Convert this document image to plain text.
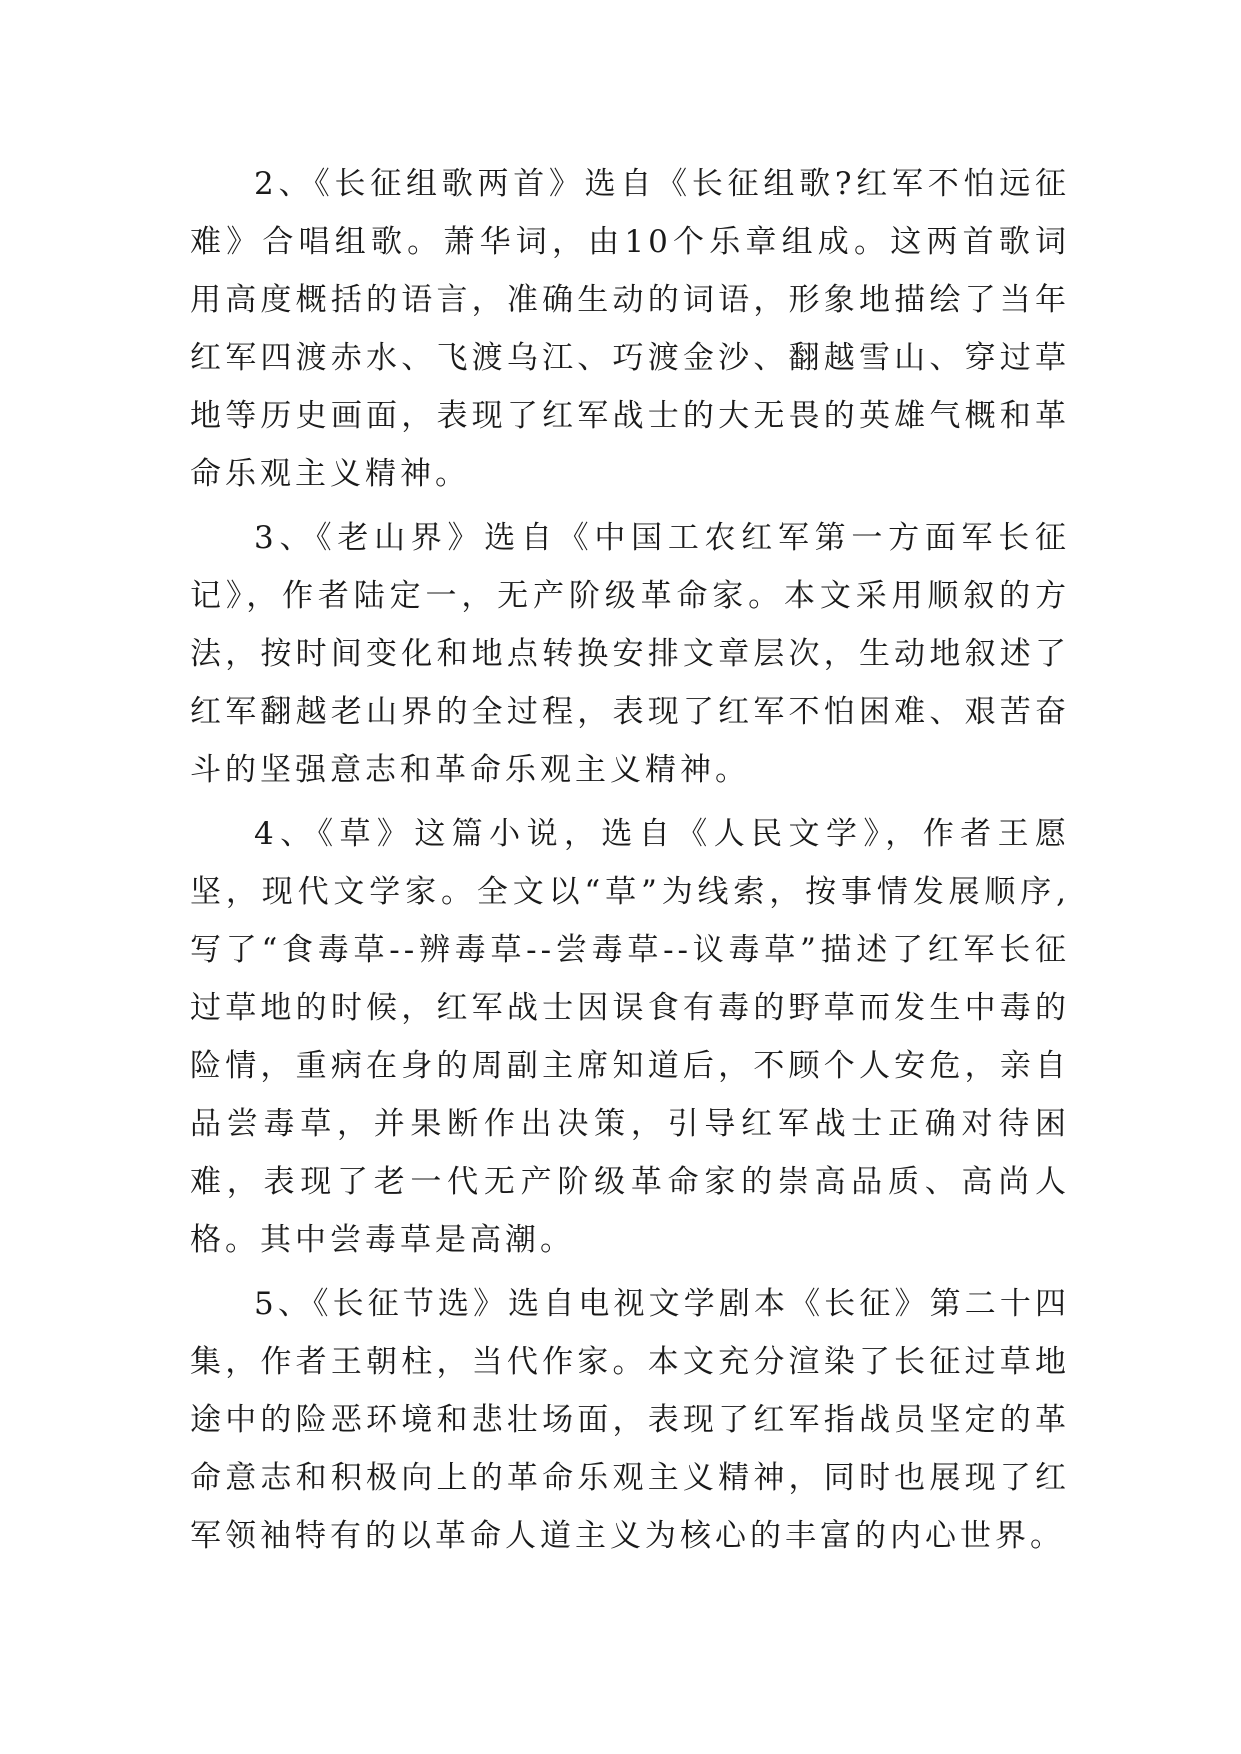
2、《长征组歌两首》选自《长征组歌?红军不怕远征难》合唱组歌。萧华词，由10个乐章组成。这两首歌词用高度概括的语言，准确生动的词语，形象地描绘了当年红军四渡赤水、飞渡乌江、巧渡金沙、翻越雪山、穿过草地等历史画面，表现了红军战士的大无畏的英雄气概和革命乐观主义精神。

3、《老山界》选自《中国工农红军第一方面军长征记》，作者陆定一，无产阶级革命家。本文采用顺叙的方法，按时间变化和地点转换安排文章层次，生动地叙述了红军翻越老山界的全过程，表现了红军不怕困难、艰苦奋斗的坚强意志和革命乐观主义精神。

4、《草》这篇小说，选自《人民文学》，作者王愿坚，现代文学家。全文以“草”为线索，按事情发展顺序,写了“食毒草--辨毒草--尝毒草--议毒草”描述了红军长征过草地的时候，红军战士因误食有毒的野草而发生中毒的险情，重病在身的周副主席知道后，不顾个人安危，亲自品尝毒草，并果断作出决策，引导红军战士正确对待困难，表现了老一代无产阶级革命家的崇高品质、高尚人格。其中尝毒草是高潮。

5、《长征节选》选自电视文学剧本《长征》第二十四集，作者王朝柱，当代作家。本文充分渲染了长征过草地途中的险恶环境和悲壮场面，表现了红军指战员坚定的革命意志和积极向上的革命乐观主义精神，同时也展现了红军领袖特有的以革命人道主义为核心的丰富的内心世界。
